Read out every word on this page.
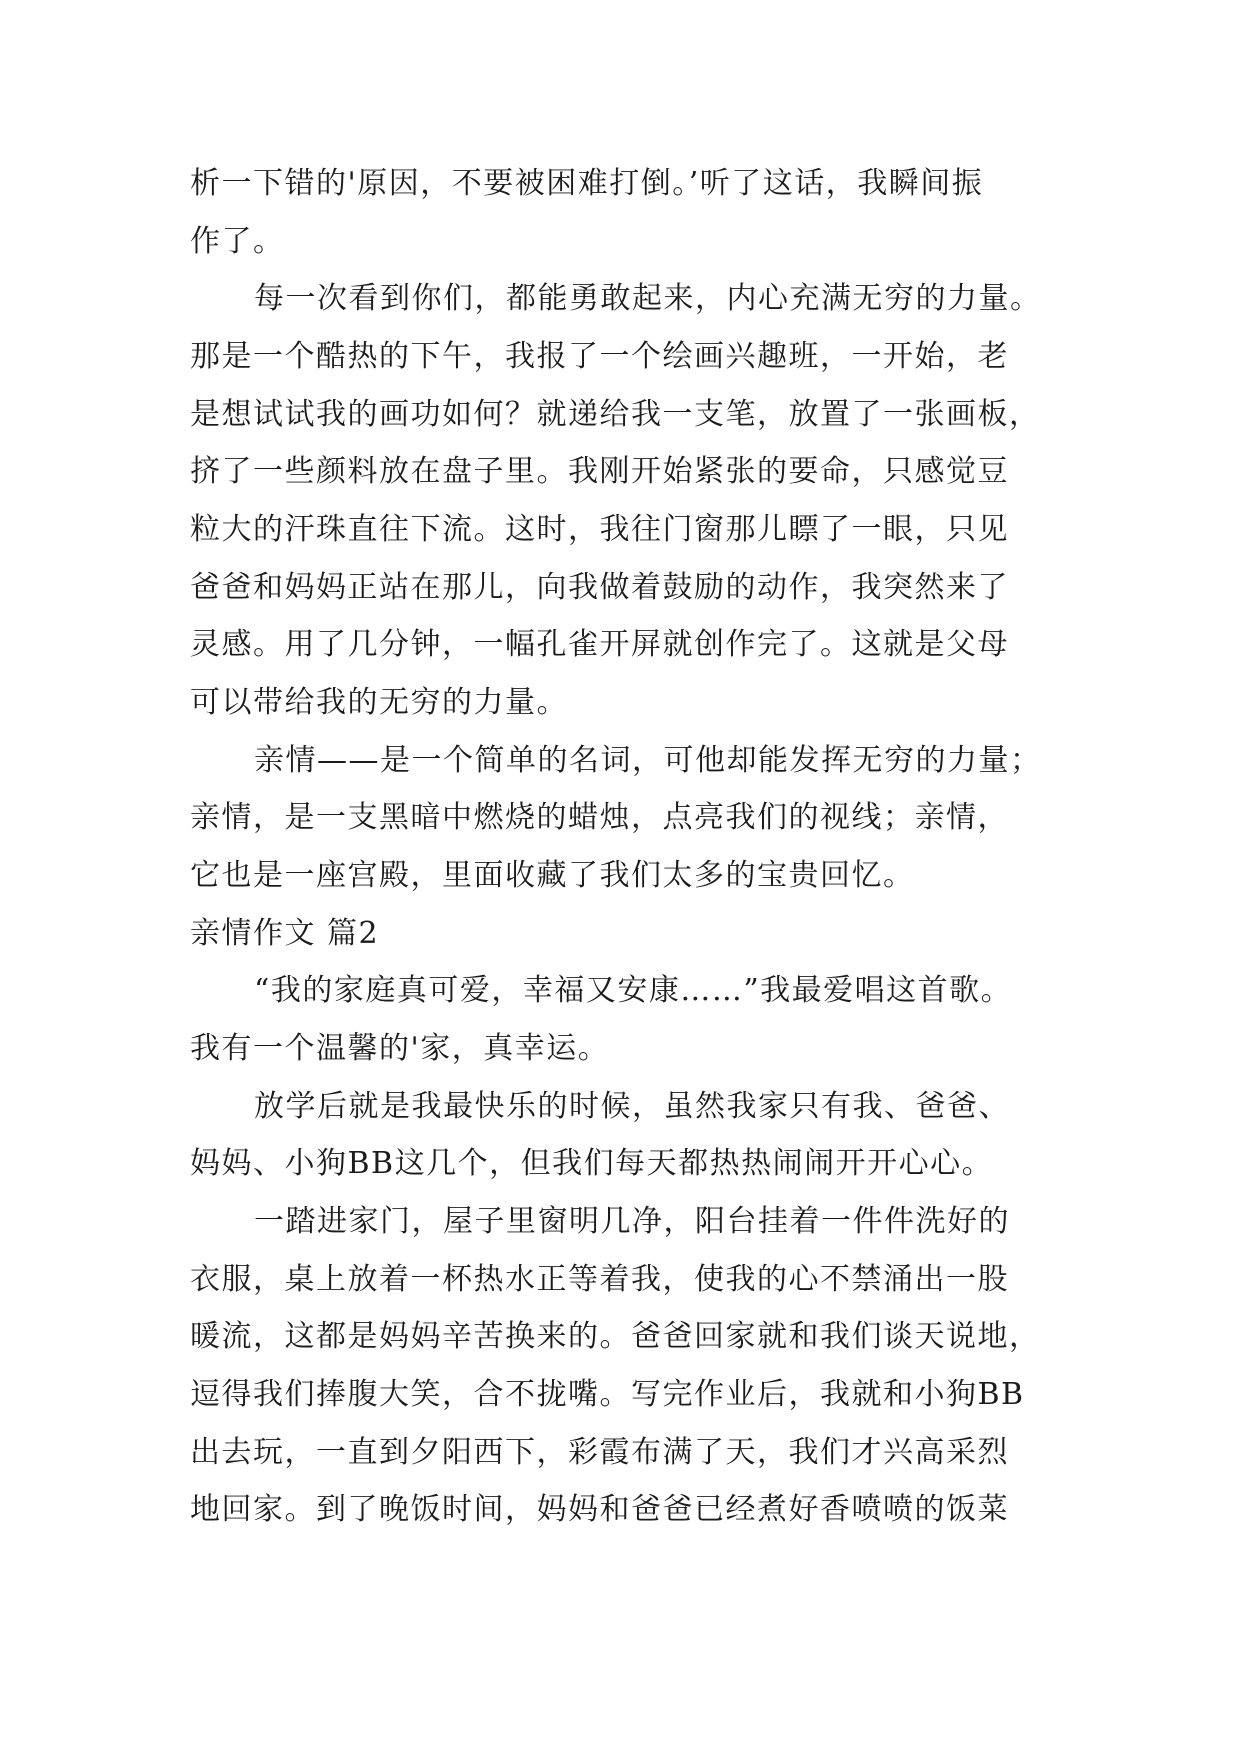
析一下错的'原因，不要被困难打倒。’听了这话，我瞬间振
作了。
每一次看到你们，都能勇敢起来，内心充满无穷的力量。
那是一个酷热的下午，我报了一个绘画兴趣班，一开始，老
是想试试我的画功如何？就递给我一支笔，放置了一张画板，
挤了一些颜料放在盘子里。我刚开始紧张的要命，只感觉豆
粒大的汗珠直往下流。这时，我往门窗那儿瞟了一眼，只见
爸爸和妈妈正站在那儿，向我做着鼓励的动作，我突然来了
灵感。用了几分钟，一幅孔雀开屏就创作完了。这就是父母
可以带给我的无穷的力量。
亲情——是一个简单的名词，可他却能发挥无穷的力量；
亲情，是一支黑暗中燃烧的蜡烛，点亮我们的视线；亲情，
它也是一座宫殿，里面收藏了我们太多的宝贵回忆。
亲情作文 篇2
“我的家庭真可爱，幸福又安康……”我最爱唱这首歌。
我有一个温馨的'家，真幸运。
放学后就是我最快乐的时候，虽然我家只有我、爸爸、
妈妈、小狗BB这几个，但我们每天都热热闹闹开开心心。
一踏进家门，屋子里窗明几净，阳台挂着一件件洗好的
衣服，桌上放着一杯热水正等着我，使我的心不禁涌出一股
暖流，这都是妈妈辛苦换来的。爸爸回家就和我们谈天说地，
逗得我们捧腹大笑，合不拢嘴。写完作业后，我就和小狗BB
出去玩，一直到夕阳西下，彩霞布满了天，我们才兴高采烈
地回家。到了晚饭时间，妈妈和爸爸已经煮好香喷喷的饭菜
